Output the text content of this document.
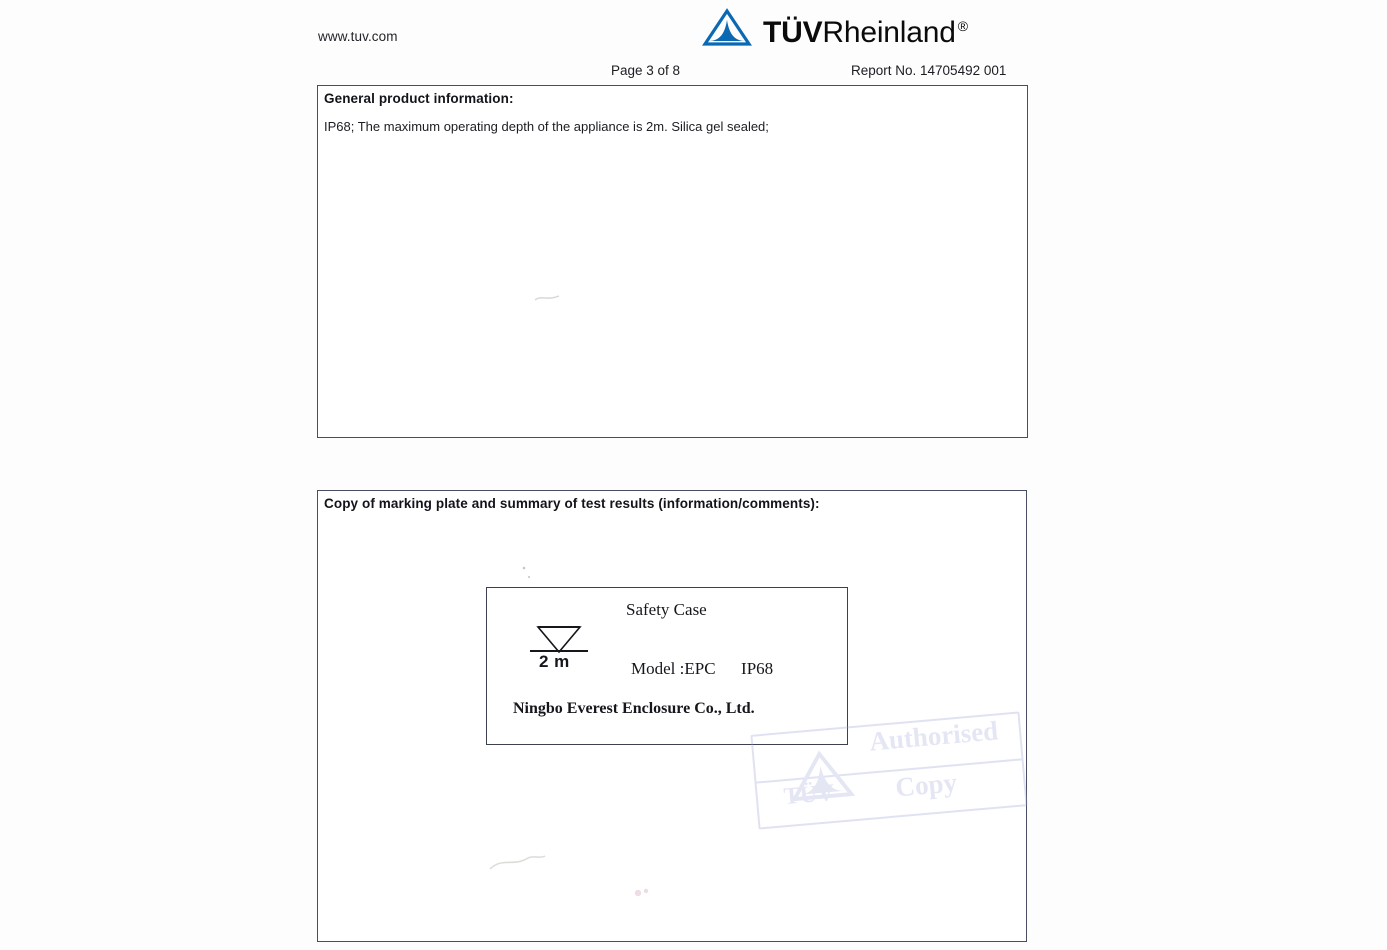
www.tuv.com	TÜVRheinland ®
Page 3 of 8	Report No. 14705492 001
General product information:
IP68; The maximum operating depth of the appliance is 2m. Silica gel sealed;
Copy of marking plate and summary of test results (information/comments):
Safety Case
2 m	Model :EPC      IP68
Ningbo Everest Enclosure Co., Ltd.
TÜV
Authorised
Copy
